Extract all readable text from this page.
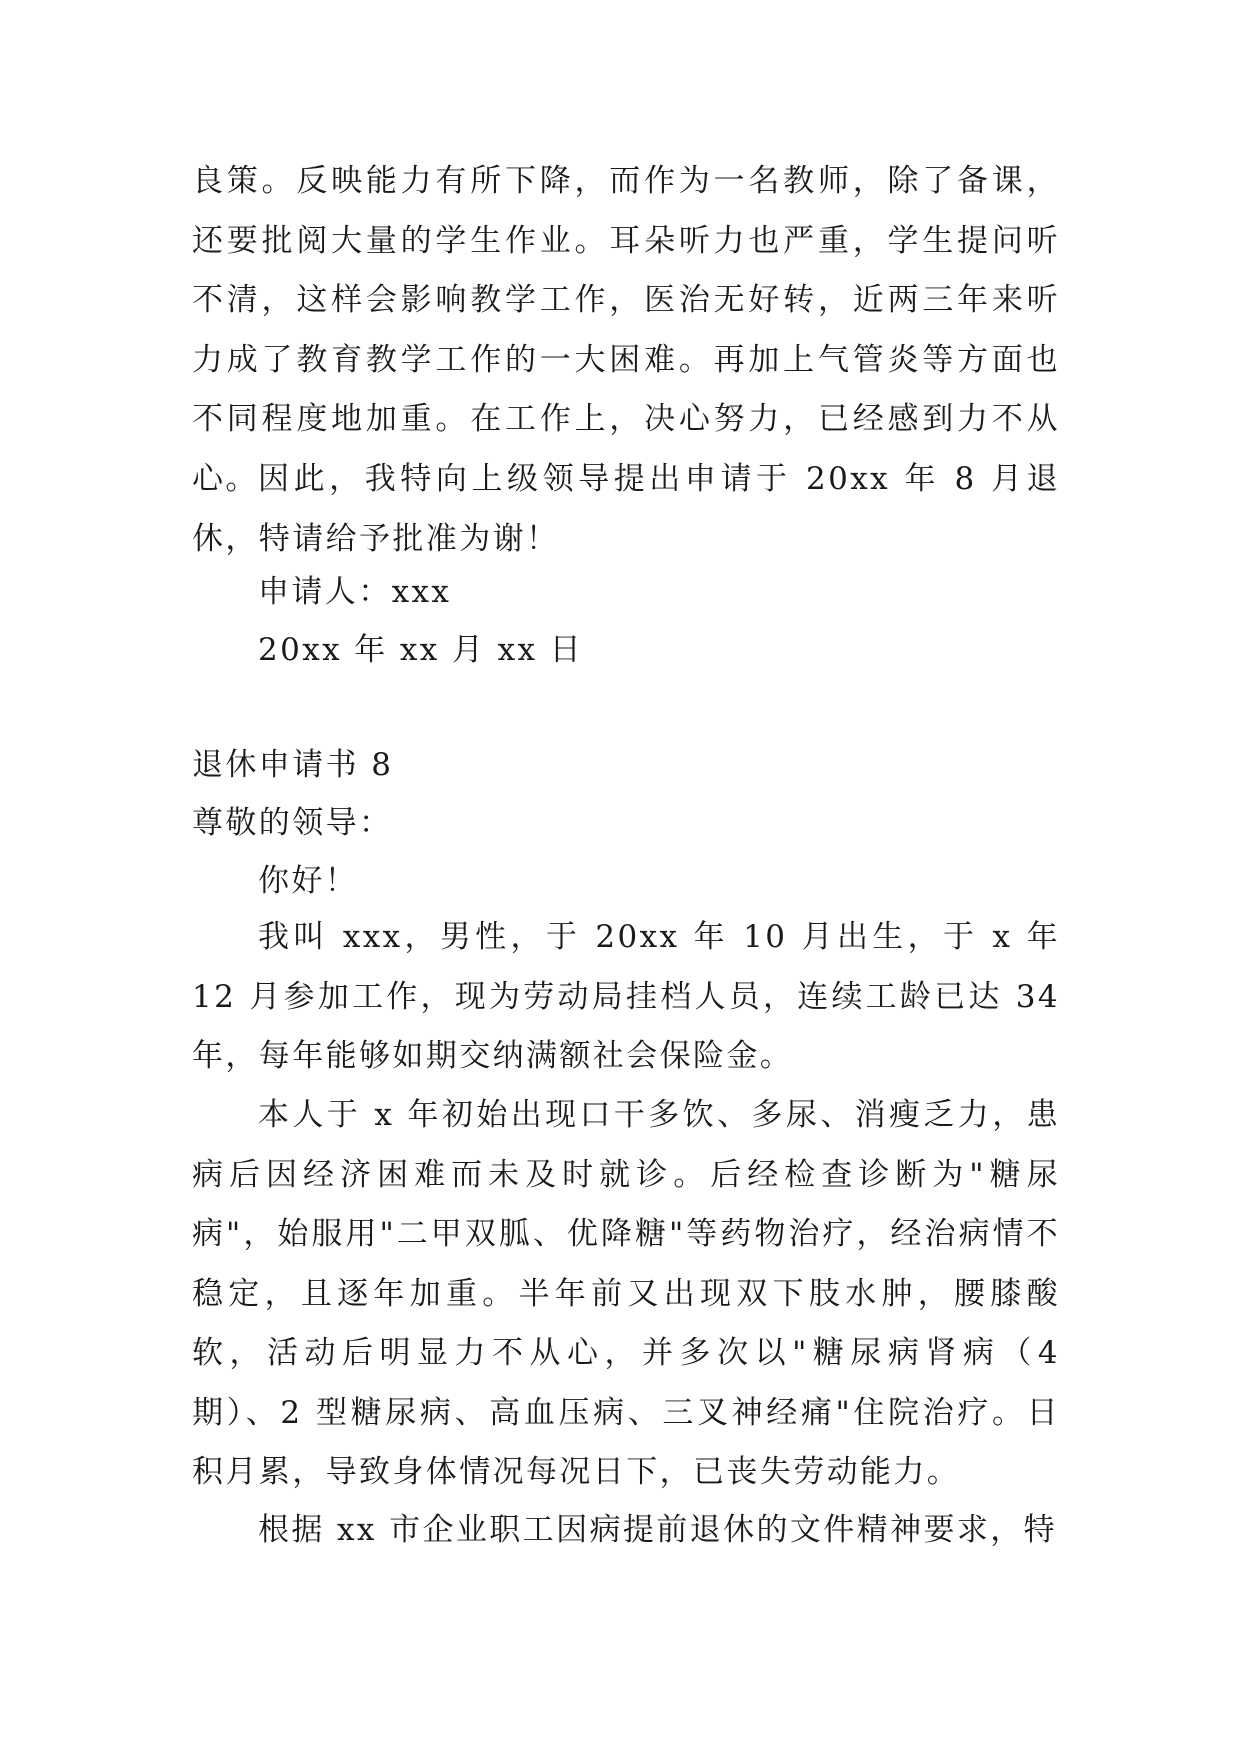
良策。反映能力有所下降，而作为一名教师，除了备课，还要批阅大量的学生作业。耳朵听力也严重，学生提问听不清，这样会影响教学工作，医治无好转，近两三年来听力成了教育教学工作的一大困难。再加上气管炎等方面也不同程度地加重。在工作上，决心努力，已经感到力不从心。 因此，我特向上级领导提出申请于 20xx 年 8 月退休，特请给予批准为谢！

申请人：xxx

20xx 年 xx 月 xx 日

退休申请书 8

尊敬的领导：

你好！

我叫 xxx，男性，于 20xx 年 10 月出生，于 x 年 12 月参加工作，现为劳动局挂档人员，连续工龄已达 34 年，每年能够如期交纳满额社会保险金。

本人于 x 年初始出现口干多饮、多尿、消瘦乏力，患病后因经济困难而未及时就诊。后经检查诊断为"糖尿病"，始服用"二甲双胍、优降糖"等药物治疗，经治病情不稳定，且逐年加重。半年前又出现双下肢水肿，腰膝酸软，活动后明显力不从心，并多次以"糖尿病肾病（4 期）、2 型糖尿病、高血压病、三叉神经痛"住院治疗。日积月累，导致身体情况每况日下，已丧失劳动能力。

根据 xx 市企业职工因病提前退休的文件精神要求，特
